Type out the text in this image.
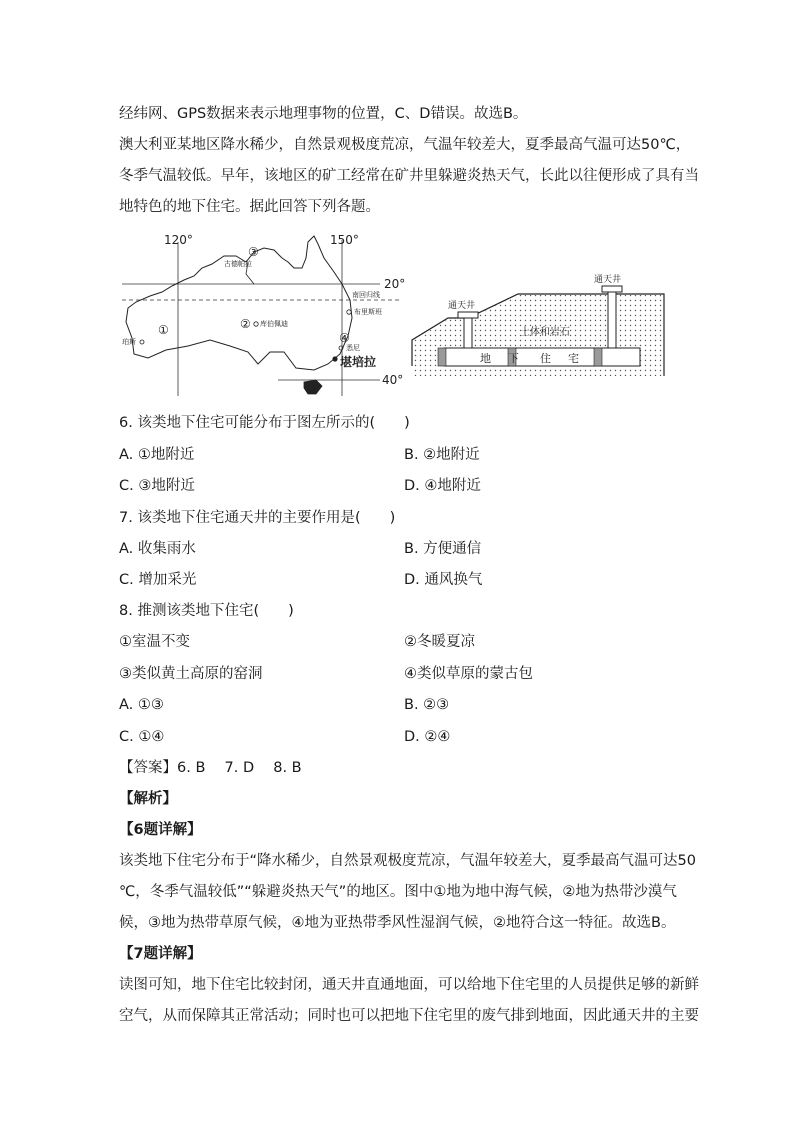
经纬网、GPS数据来表示地理事物的位置，C、D错误。故选B。
澳大利亚某地区降水稀少，自然景观极度荒凉，气温年较差大，夏季最高气温可达50℃，
冬季气温较低。早年，该地区的矿工经常在矿井里躲避炎热天气，长此以往便形成了具有当
地特色的地下住宅。据此回答下列各题。
120°	150°
20°
40°
南回归线
古德帕拉
库伯佩迪
布里斯班
悉尼
珀斯
堪培拉
①	②
③
④
通天井
通天井
土体和岩石
地 下 住 宅
6. 该类地下住宅可能分布于图左所示的(　　)
A. ①地附近	B. ②地附近
C. ③地附近	D. ④地附近
7. 该类地下住宅通天井的主要作用是(　　)
A. 收集雨水	B. 方便通信
C. 增加采光	D. 通风换气
8. 推测该类地下住宅(　　)
①室温不变	②冬暖夏凉
③类似黄土高原的窑洞	④类似草原的蒙古包
A. ①③	B. ②③
C. ①④	D. ②④
【答案】6. B　 7. D　 8. B
【解析】
【6题详解】
该类地下住宅分布于“降水稀少，自然景观极度荒凉，气温年较差大，夏季最高气温可达50
℃，冬季气温较低”“躲避炎热天气”的地区。图中①地为地中海气候，②地为热带沙漠气
候，③地为热带草原气候，④地为亚热带季风性湿润气候，②地符合这一特征。故选B。
【7题详解】
读图可知，地下住宅比较封闭，通天井直通地面，可以给地下住宅里的人员提供足够的新鲜
空气，从而保障其正常活动；同时也可以把地下住宅里的废气排到地面，因此通天井的主要
